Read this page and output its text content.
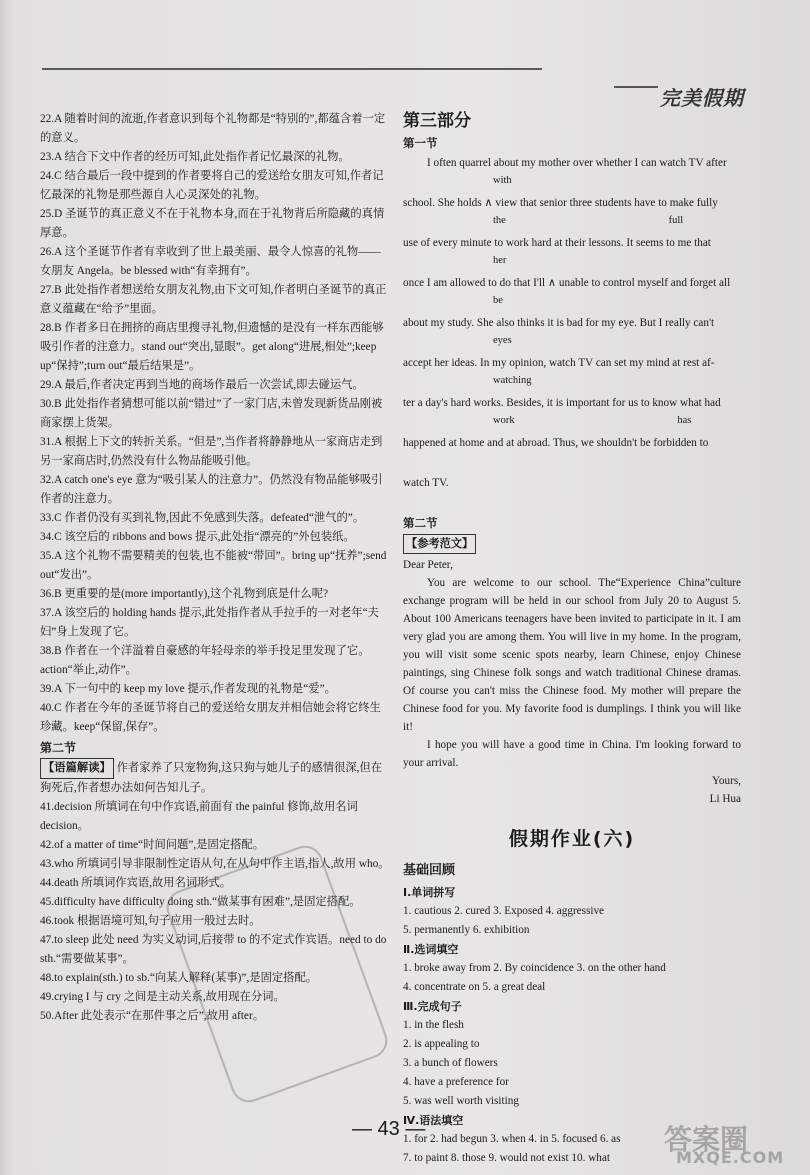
完美假期

22.A 随着时间的流逝,作者意识到每个礼物都是“特别的”,都蕴含着一定的意义。

23.A 结合下文中作者的经历可知,此处指作者记忆最深的礼物。

24.C 结合最后一段中提到的作者要将自己的爱送给女朋友可知,作者记忆最深的礼物是那些源自人心灵深处的礼物。

25.D 圣诞节的真正意义不在于礼物本身,而在于礼物背后所隐藏的真情厚意。

26.A 这个圣诞节作者有幸收到了世上最美丽、最令人惊喜的礼物——女朋友 Angela。be blessed with“有幸拥有”。

27.B 此处指作者想送给女朋友礼物,由下文可知,作者明白圣诞节的真正意义蕴藏在“给予”里面。

28.B 作者多日在拥挤的商店里搜寻礼物,但遗憾的是没有一样东西能够吸引作者的注意力。stand out“突出,显眼”。get along“进展,相处”;keep up“保持”;turn out“最后结果是”。

29.A 最后,作者决定再到当地的商场作最后一次尝试,即去碰运气。

30.B 此处指作者猜想可能以前“错过”了一家门店,未曾发现新货品刚被商家摆上货架。

31.A 根据上下文的转折关系。“但是”,当作者将静静地从一家商店走到另一家商店时,仍然没有什么物品能吸引他。

32.A catch one's eye 意为“吸引某人的注意力”。仍然没有物品能够吸引作者的注意力。

33.C 作者仍没有买到礼物,因此不免感到失落。defeated“泄气的”。

34.C 该空后的 ribbons and bows 提示,此处指“漂亮的”外包装纸。

35.A 这个礼物不需要精美的包装,也不能被“带回”。bring up“抚养”;send out“发出”。

36.B 更重要的是(more importantly),这个礼物到底是什么呢?

37.A 该空后的 holding hands 提示,此处指作者从手拉手的一对老年“夫妇”身上发现了它。

38.B 作者在一个洋溢着自豪感的年轻母亲的举手投足里发现了它。action“举止,动作”。

39.A 下一句中的 keep my love 提示,作者发现的礼物是“爱”。

40.C 作者在今年的圣诞节将自己的爱送给女朋友并相信她会将它终生珍藏。keep“保留,保存”。

第二节

【语篇解读】 作者家养了只宠物狗,这只狗与她儿子的感情很深,但在狗死后,作者想办法如何告知儿子。

41.decision 所填词在句中作宾语,前面有 the painful 修饰,故用名词 decision。

42.of a matter of time“时间问题”,是固定搭配。

43.who 所填词引导非限制性定语从句,在从句中作主语,指人,故用 who。

44.death 所填词作宾语,故用名词形式。

45.difficulty have difficulty doing sth.“做某事有困难”,是固定搭配。

46.took 根据语境可知,句子应用一般过去时。

47.to sleep 此处 need 为实义动词,后接带 to 的不定式作宾语。need to do sth.“需要做某事”。

48.to explain(sth.) to sb.“向某人解释(某事)”,是固定搭配。

49.crying I 与 cry 之间是主动关系,故用现在分词。

50.After 此处表示“在那件事之后”,故用 after。

第三部分
第一节

I often quarrel about my mother over whether I can watch TV after

with

school. She holds ∧ view that senior three students have to make fully

the                                                              full

use of every minute to work hard at their lessons. It seems to me that

her

once I am allowed to do that I'll ∧ unable to control myself and forget all

be

about my study. She also thinks it is bad for my eye. But I really can't

eyes

accept her ideas. In my opinion, watch TV can set my mind at rest af-

watching

ter a day's hard works. Besides, it is important for us to know what had

work                                                              has

happened at home and at abroad. Thus, we shouldn't be forbidden to

watch TV.

第二节
【参考范文】

Dear Peter,

You are welcome to our school. The“Experience China”culture exchange program will be held in our school from July 20 to August 5. About 100 Americans teenagers have been invited to participate in it. I am very glad you are among them. You will live in my home. In the program, you will visit some scenic spots nearby, learn Chinese, enjoy Chinese paintings, sing Chinese folk songs and watch traditional Chinese dramas. Of course you can't miss the Chinese food. My mother will prepare the Chinese food for you. My favorite food is dumplings. I think you will like it!

I hope you will have a good time in China. I'm looking forward to your arrival.

Yours,

Li Hua

假期作业(六)
基础回顾

Ⅰ.单词拼写

1. cautious 2. cured 3. Exposed 4. aggressive

5. permanently 6. exhibition

Ⅱ.选词填空

1. broke away from 2. By coincidence 3. on the other hand

4. concentrate on 5. a great deal

Ⅲ.完成句子

1. in the flesh

2. is appealing to

3. a bunch of flowers

4. have a preference for

5. was well worth visiting

Ⅳ.语法填空

1. for 2. had begun 3. when 4. in 5. focused 6. as

7. to paint 8. those 9. would not exist 10. what

— 43 —	答案圈
MXQE.COM
